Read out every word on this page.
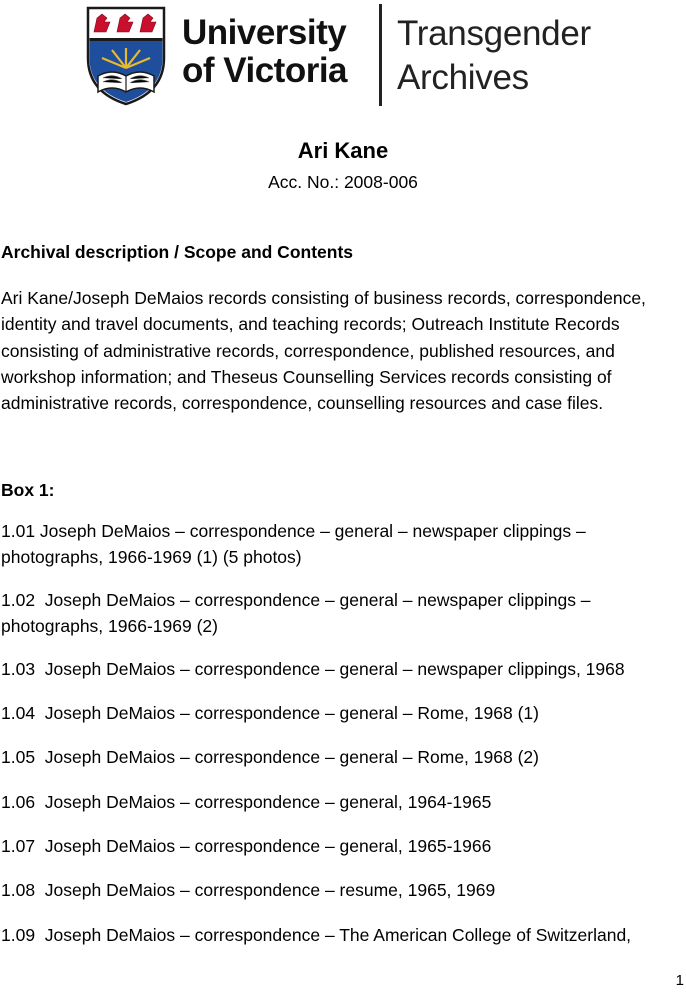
University
of Victoria
Transgender
Archives
Ari Kane
Acc. No.: 2008-006
Archival description / Scope and Contents
Ari Kane/Joseph DeMaios records consisting of business records, correspondence,
identity and travel documents, and teaching records; Outreach Institute Records
consisting of administrative records, correspondence, published resources, and
workshop information; and Theseus Counselling Services records consisting of
administrative records, correspondence, counselling resources and case files.
Box 1:
1.01 Joseph DeMaios – correspondence – general – newspaper clippings –
photographs, 1966-1969 (1) (5 photos)
1.02  Joseph DeMaios – correspondence – general – newspaper clippings –
photographs, 1966-1969 (2)
1.03  Joseph DeMaios – correspondence – general – newspaper clippings, 1968
1.04  Joseph DeMaios – correspondence – general – Rome, 1968 (1)
1.05  Joseph DeMaios – correspondence – general – Rome, 1968 (2)
1.06  Joseph DeMaios – correspondence – general, 1964-1965
1.07  Joseph DeMaios – correspondence – general, 1965-1966
1.08  Joseph DeMaios – correspondence – resume, 1965, 1969
1.09  Joseph DeMaios – correspondence – The American College of Switzerland,
1
